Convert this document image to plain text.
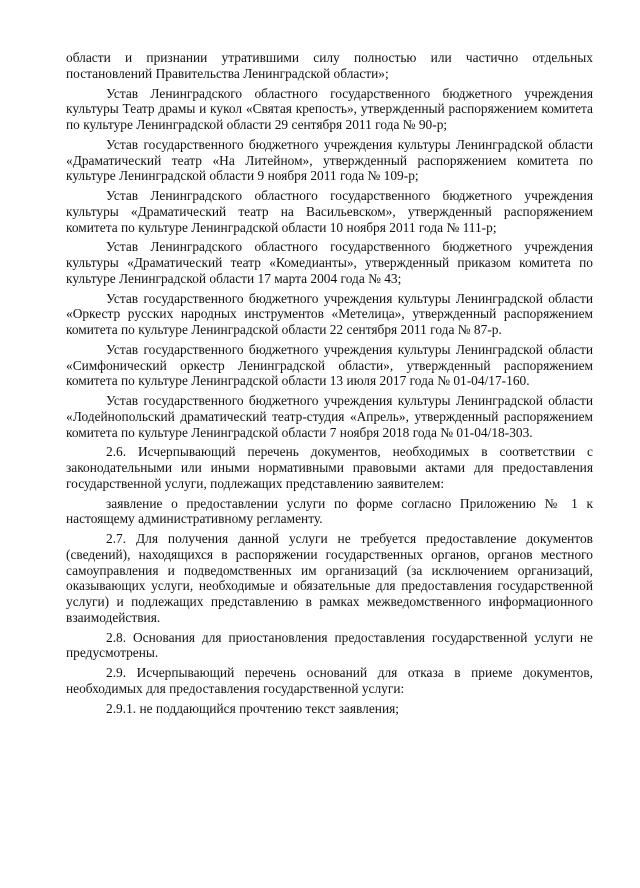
области и признании утратившими силу полностью или частично отдельных постановлений Правительства Ленинградской области»;

Устав Ленинградского областного государственного бюджетного учреждения культуры Театр драмы и кукол «Святая крепость», утвержденный распоряжением комитета по культуре Ленинградской области 29 сентября 2011 года № 90-р;

Устав государственного бюджетного учреждения культуры Ленинградской области «Драматический театр «На Литейном», утвержденный распоряжением комитета по культуре Ленинградской области 9 ноября 2011 года № 109-р;

Устав Ленинградского областного государственного бюджетного учреждения культуры «Драматический театр на Васильевском», утвержденный распоряжением комитета по культуре Ленинградской области 10 ноября 2011 года № 111-р;

Устав Ленинградского областного государственного бюджетного учреждения культуры «Драматический театр «Комедианты», утвержденный приказом комитета по культуре Ленинградской области 17 марта 2004 года № 43;

Устав государственного бюджетного учреждения культуры Ленинградской области «Оркестр русских народных инструментов «Метелица», утвержденный распоряжением комитета по культуре Ленинградской области 22 сентября 2011 года № 87-р.

Устав государственного бюджетного учреждения культуры Ленинградской области «Симфонический оркестр Ленинградской области», утвержденный распоряжением комитета по культуре Ленинградской области 13 июля 2017 года № 01-04/17-160.

Устав государственного бюджетного учреждения культуры Ленинградской области «Лодейнопольский драматический театр-студия «Апрель», утвержденный распоряжением комитета по культуре Ленинградской области 7 ноября 2018 года № 01-04/18-303.

2.6. Исчерпывающий перечень документов, необходимых в соответствии с законодательными или иными нормативными правовыми актами для предоставления государственной услуги, подлежащих представлению заявителем:

заявление о предоставлении услуги по форме согласно Приложению № 1 к настоящему административному регламенту.

2.7. Для получения данной услуги не требуется предоставление документов (сведений), находящихся в распоряжении государственных органов, органов местного самоуправления и подведомственных им организаций (за исключением организаций, оказывающих услуги, необходимые и обязательные для предоставления государственной услуги) и подлежащих представлению в рамках межведомственного информационного взаимодействия.

2.8. Основания для приостановления предоставления государственной услуги не предусмотрены.

2.9. Исчерпывающий перечень оснований для отказа в приеме документов, необходимых для предоставления государственной услуги:

2.9.1. не поддающийся прочтению текст заявления;
